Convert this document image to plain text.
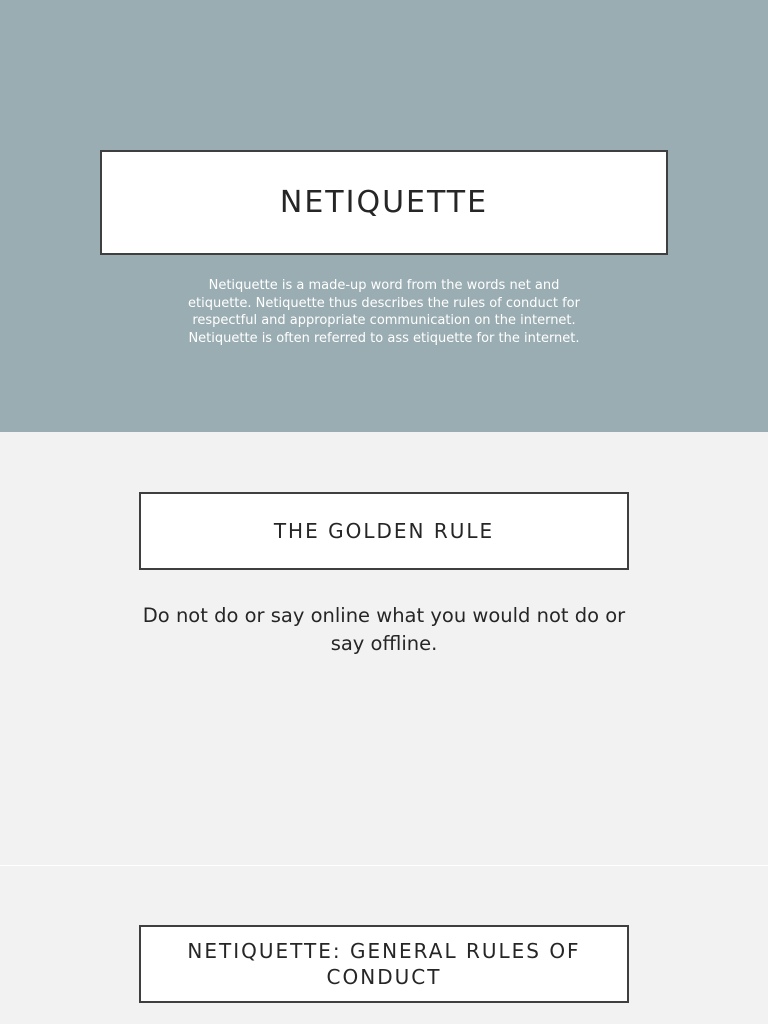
NETIQUETTE
Netiquette is a made-up word from the words net and etiquette. Netiquette thus describes the rules of conduct for respectful and appropriate communication on the internet. Netiquette is often referred to ass etiquette for the internet.
THE GOLDEN RULE
Do not do or say online what you would not do or say offline.
NETIQUETTE: GENERAL RULES OF CONDUCT
